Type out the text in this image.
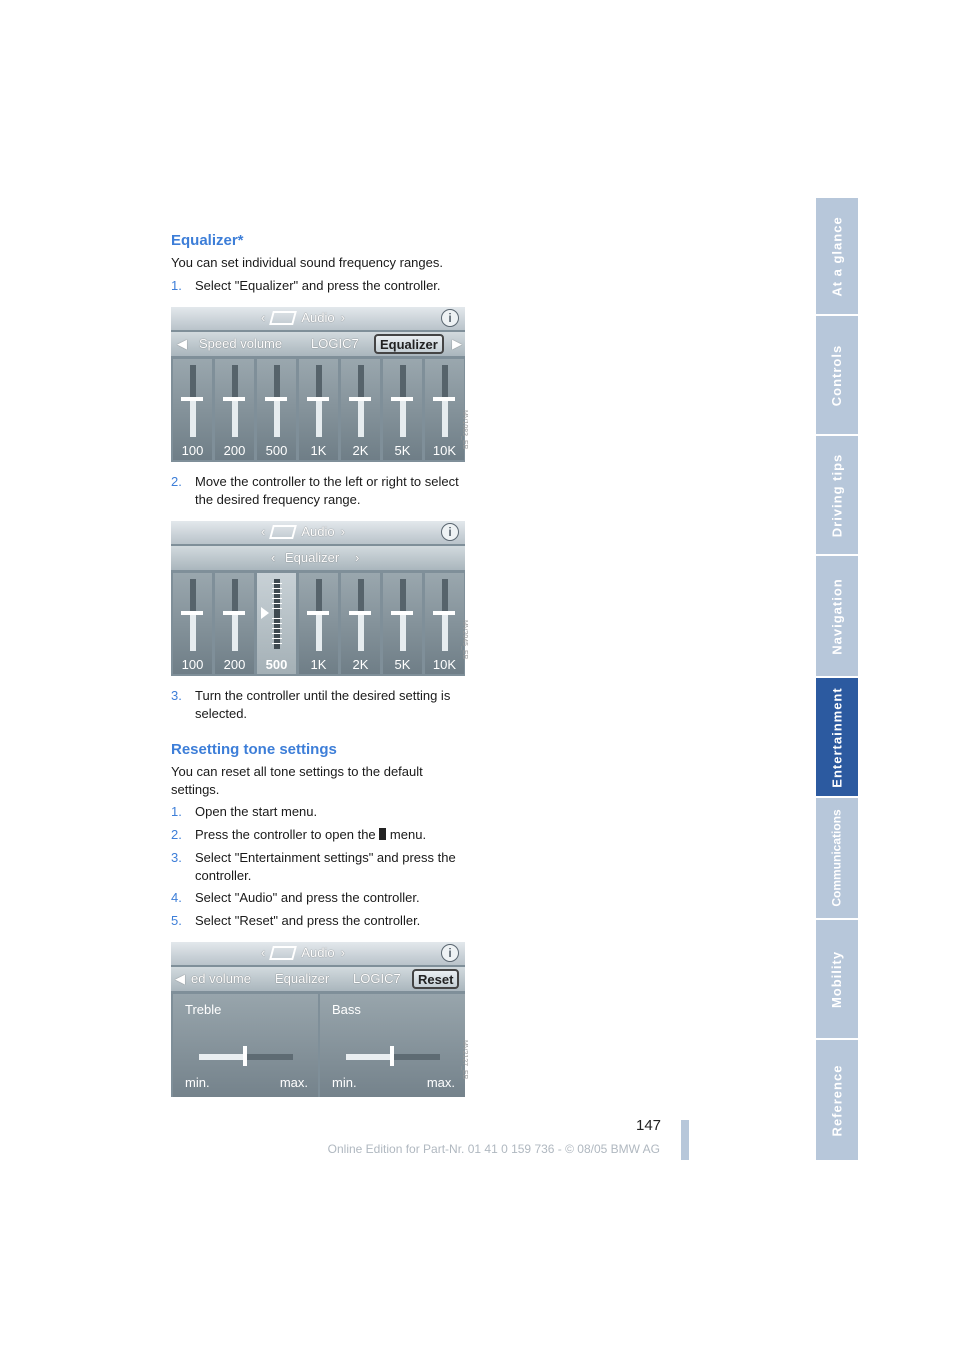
At a glance
Controls
Driving tips
Navigation
Entertainment
Communications
Mobility
Reference
Equalizer*

You can set individual sound frequency ranges.

1. Select "Equalizer" and press the controller.
‹	Audio ›	i
◀ Speed volume LOGIC7	Equalizer	▶
100	200	500	1K	2K	5K	10K
MV1083_EB
2. Move the controller to the left or right to select the desired frequency range.
‹	Audio ›	i
‹ Equalizer ›
100	200	500	1K	2K	5K	10K
MV2045_EB
3. Turn the controller until the desired setting is selected.
Resetting tone settings

You can reset all tone settings to the default settings.

1. Open the start menu.
2. Press the controller to open the menu.
3. Select "Entertainment settings" and press the controller.
4. Select "Audio" and press the controller.
5. Select "Reset" and press the controller.
‹	Audio ›	i
◀ ed volume Equalizer LOGIC7	Reset
Treble
min.	max.
Bass
min.	max.
MV2127_EB
147
Online Edition for Part-Nr. 01 41 0 159 736 - © 08/05 BMW AG
